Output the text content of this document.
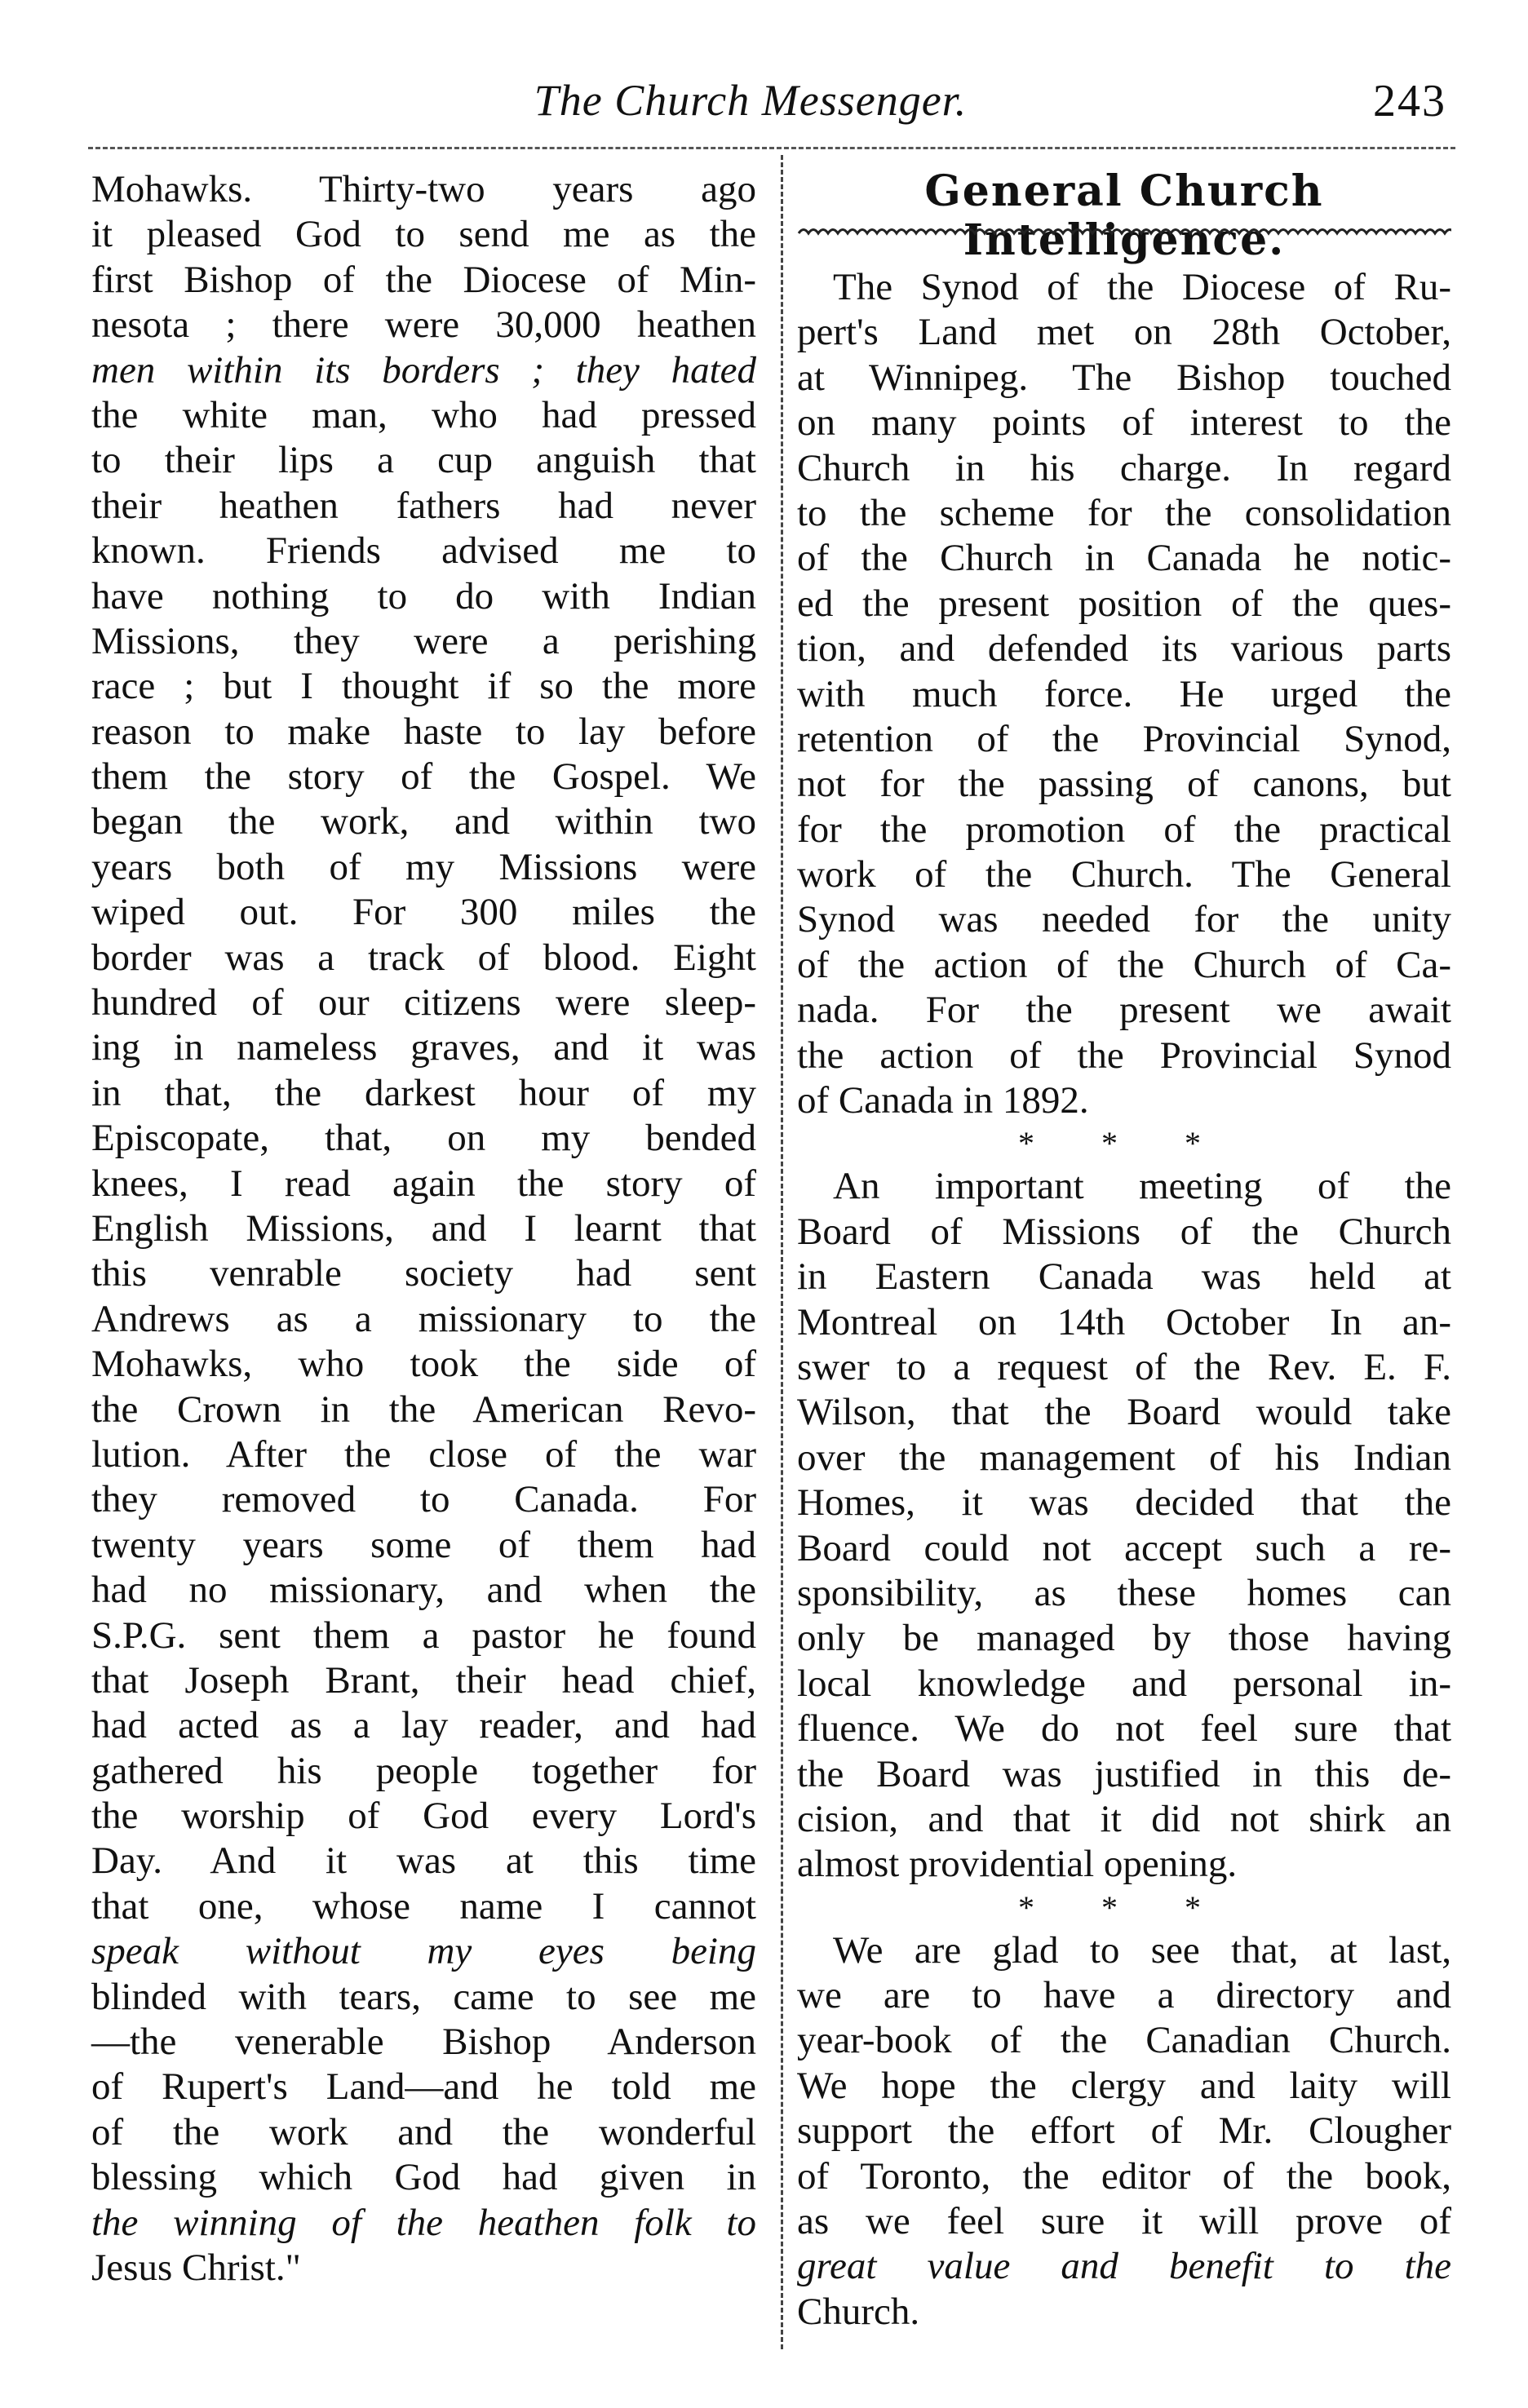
The Church Messenger.	243
Mohawks. Thirty-two years ago
it pleased God to send me as the
first Bishop of the Diocese of Min-
nesota ; there were 30,000 heathen
men within its borders ; they hated
the white man, who had pressed
to their lips a cup anguish that
their heathen fathers had never
known. Friends advised me to
have nothing to do with Indian
Missions, they were a perishing
race ; but I thought if so the more
reason to make haste to lay before
them the story of the Gospel. We
began the work, and within two
years both of my Missions were
wiped out. For 300 miles the
border was a track of blood. Eight
hundred of our citizens were sleep-
ing in nameless graves, and it was
in that, the darkest hour of my
Episcopate, that, on my bended
knees, I read again the story of
English Missions, and I learnt that
this venrable society had sent
Andrews as a missionary to the
Mohawks, who took the side of
the Crown in the American Revo-
lution. After the close of the war
they removed to Canada. For
twenty years some of them had
had no missionary, and when the
S.P.G. sent them a pastor he found
that Joseph Brant, their head chief,
had acted as a lay reader, and had
gathered his people together for
the worship of God every Lord's
Day. And it was at this time
that one, whose name I cannot
speak without my eyes being
blinded with tears, came to see me
—the venerable Bishop Anderson
of Rupert's Land—and he told me
of the work and the wonderful
blessing which God had given in
the winning of the heathen folk to
Jesus Christ."
General Church Intelligence.
The Synod of the Diocese of Ru-
pert's Land met on 28th October,
at Winnipeg. The Bishop touched
on many points of interest to the
Church in his charge. In regard
to the scheme for the consolidation
of the Church in Canada he notic-
ed the present position of the ques-
tion, and defended its various parts
with much force. He urged the
retention of the Provincial Synod,
not for the passing of canons, but
for the promotion of the practical
work of the Church. The General
Synod was needed for the unity
of the action of the Church of Ca-
nada. For the present we await
the action of the Provincial Synod
of Canada in 1892.
* * *
An important meeting of the
Board of Missions of the Church
in Eastern Canada was held at
Montreal on 14th October In an-
swer to a request of the Rev. E. F.
Wilson, that the Board would take
over the management of his Indian
Homes, it was decided that the
Board could not accept such a re-
sponsibility, as these homes can
only be managed by those having
local knowledge and personal in-
fluence. We do not feel sure that
the Board was justified in this de-
cision, and that it did not shirk an
almost providential opening.
* * *
We are glad to see that, at last,
we are to have a directory and
year-book of the Canadian Church.
We hope the clergy and laity will
support the effort of Mr. Clougher
of Toronto, the editor of the book,
as we feel sure it will prove of
great value and benefit to the
Church.
